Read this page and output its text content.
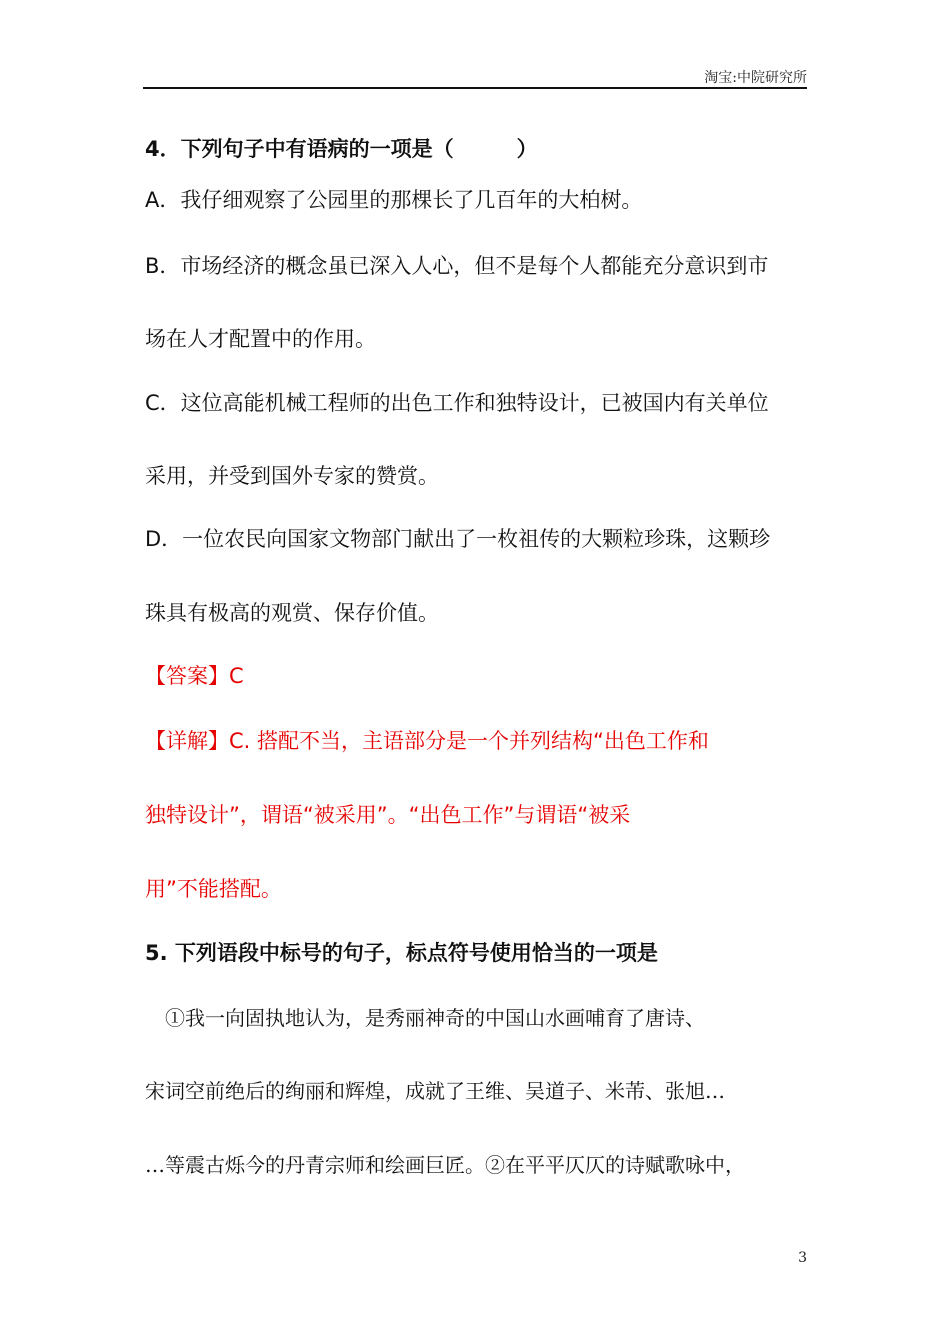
淘宝:中院研究所
4．下列句子中有语病的一项是（　　　）
A．我仔细观察了公园里的那棵长了几百年的大柏树。
B．市场经济的概念虽已深入人心，但不是每个人都能充分意识到市
场在人才配置中的作用。
C．这位高能机械工程师的出色工作和独特设计，已被国内有关单位
采用，并受到国外专家的赞赏。
D．一位农民向国家文物部门献出了一枚祖传的大颗粒珍珠，这颗珍
珠具有极高的观赏、保存价值。
【答案】C
【详解】C. 搭配不当，主语部分是一个并列结构“出色工作和
独特设计”，谓语“被采用”。“出色工作”与谓语“被采
用”不能搭配。
5. 下列语段中标号的句子，标点符号使用恰当的一项是
　①我一向固执地认为，是秀丽神奇的中国山水画哺育了唐诗、
宋词空前绝后的绚丽和辉煌，成就了王维、吴道子、米芾、张旭…
…等震古烁今的丹青宗师和绘画巨匠。②在平平仄仄的诗赋歌咏中，
3
